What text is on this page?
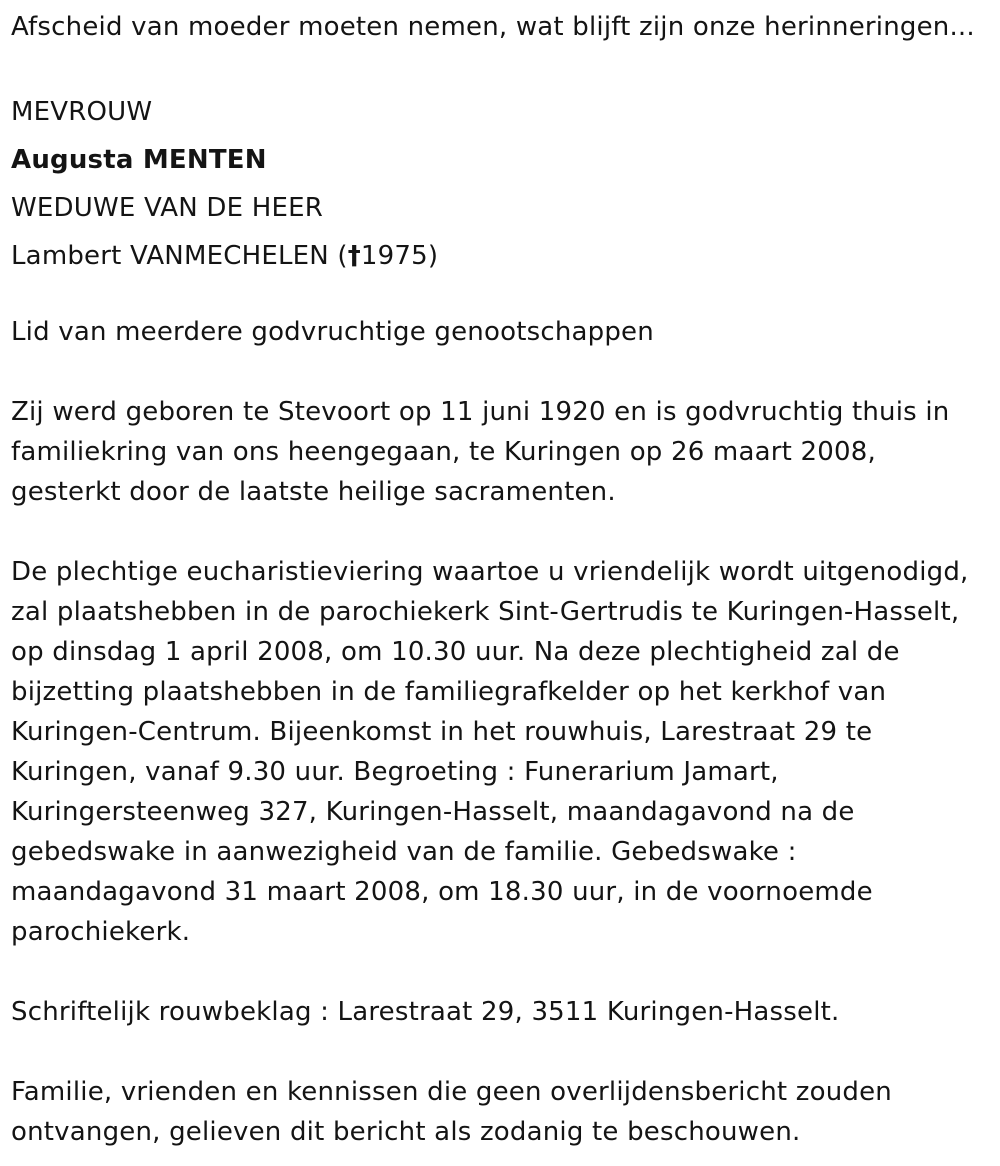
Afscheid van moeder moeten nemen, wat blijft zijn onze herinneringen...
MEVROUW
Augusta MENTEN
WEDUWE VAN DE HEER
Lambert VANMECHELEN (†1975)
Lid van meerdere godvruchtige genootschappen
Zij werd geboren te Stevoort op 11 juni 1920 en is godvruchtig thuis in
familiekring van ons heengegaan, te Kuringen op 26 maart 2008,
gesterkt door de laatste heilige sacramenten.
De plechtige eucharistieviering waartoe u vriendelijk wordt uitgenodigd,
zal plaatshebben in de parochiekerk Sint-Gertrudis te Kuringen-Hasselt,
op dinsdag 1 april 2008, om 10.30 uur. Na deze plechtigheid zal de
bijzetting plaatshebben in de familiegrafkelder op het kerkhof van
Kuringen-Centrum. Bijeenkomst in het rouwhuis, Larestraat 29 te
Kuringen, vanaf 9.30 uur. Begroeting : Funerarium Jamart,
Kuringersteenweg 327, Kuringen-Hasselt, maandagavond na de
gebedswake in aanwezigheid van de familie. Gebedswake :
maandagavond 31 maart 2008, om 18.30 uur, in de voornoemde
parochiekerk.
Schriftelijk rouwbeklag : Larestraat 29, 3511 Kuringen-Hasselt.
Familie, vrienden en kennissen die geen overlijdensbericht zouden
ontvangen, gelieven dit bericht als zodanig te beschouwen.
